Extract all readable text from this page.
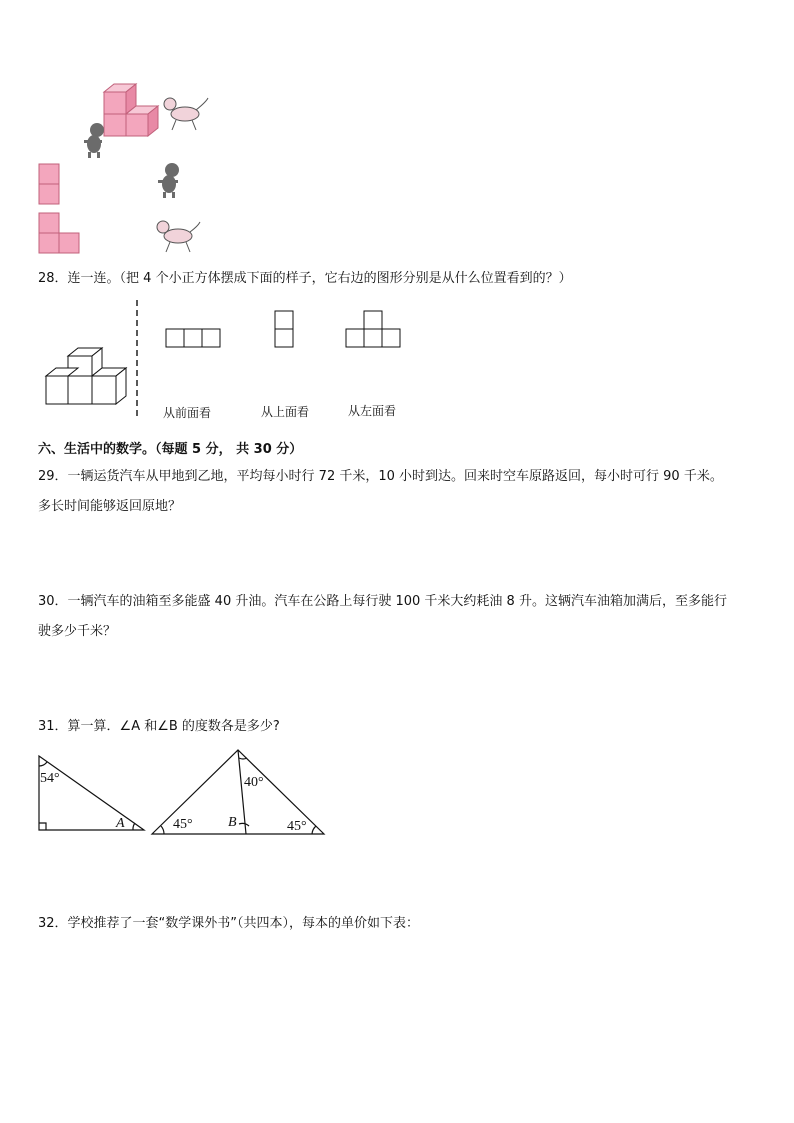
28．连一连。（把 4 个小正方体摆成下面的样子，它右边的图形分别是从什么位置看到的？）
从前面看	从上面看	从左面看
六、生活中的数学。（每题 5 分， 共 30 分）
29．一辆运货汽车从甲地到乙地，平均每小时行 72 千米，10 小时到达。回来时空车原路返回，每小时可行 90 千米。
多长时间能够返回原地？
30．一辆汽车的油箱至多能盛 40 升油。汽车在公路上每行驶 100 千米大约耗油 8 升。这辆汽车油箱加满后，至多能行
驶多少千米？
31．算一算．∠A 和∠B 的度数各是多少?
54°
A	45°
40°
B	45°
32．学校推荐了一套“数学课外书”（共四本），每本的单价如下表：
